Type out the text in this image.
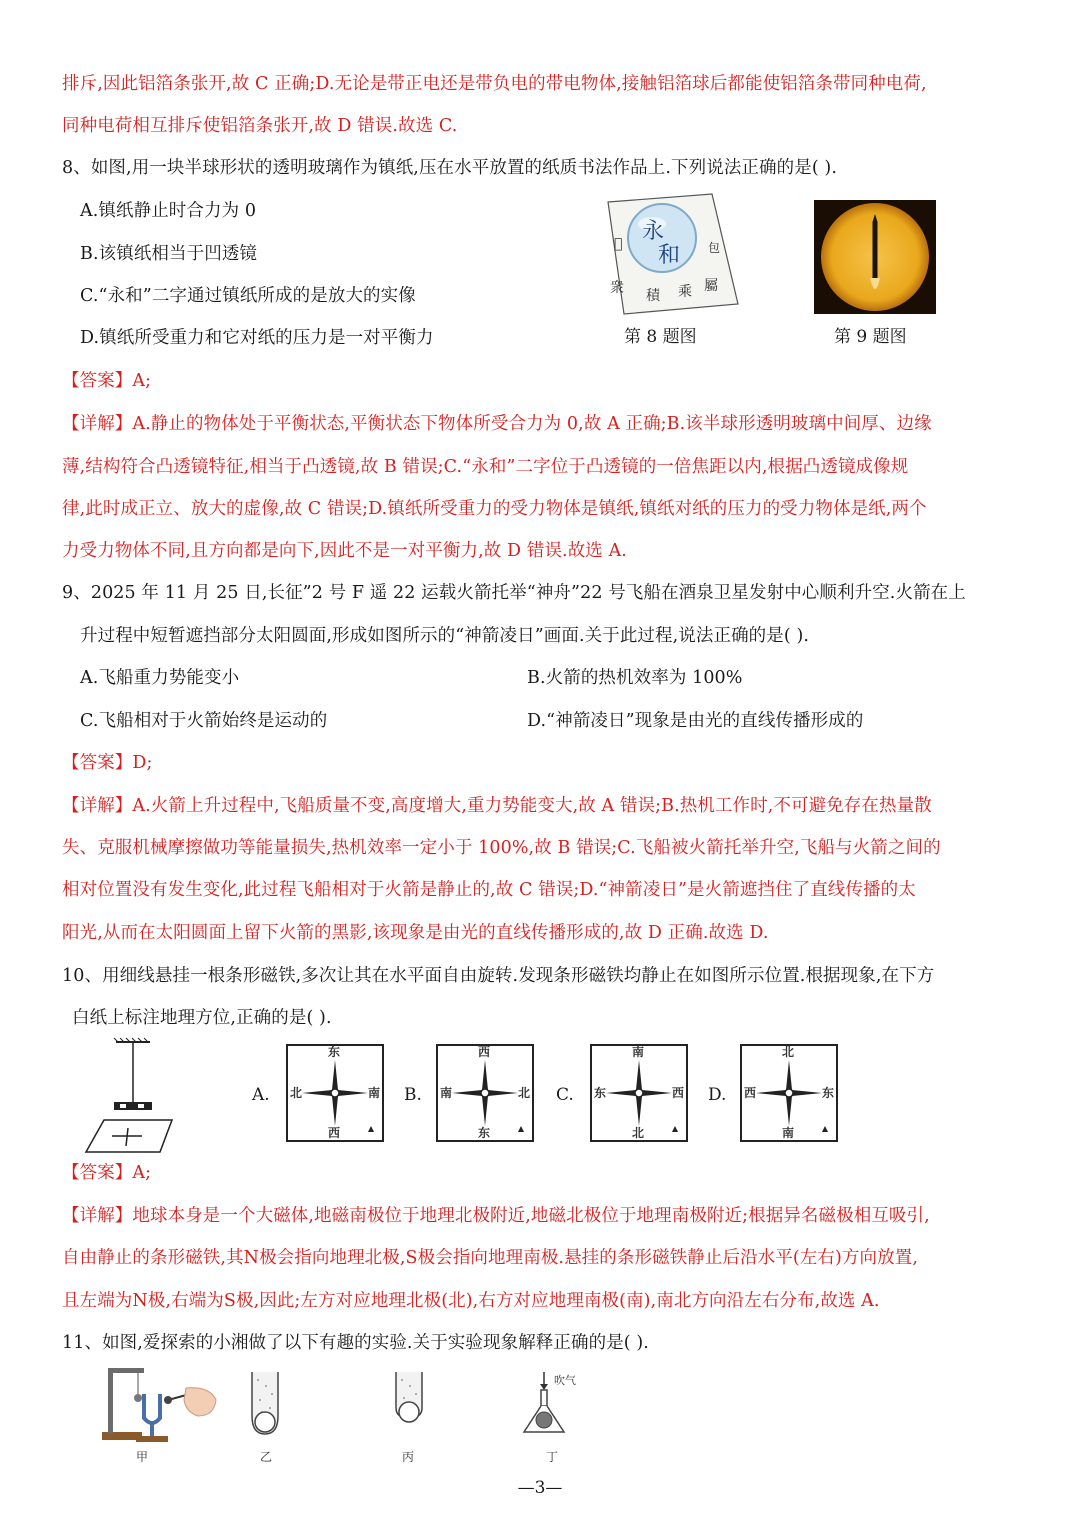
排斥,因此铝箔条张开,故 C 正确;D.无论是带正电还是带负电的带电物体,接触铝箔球后都能使铝箔条带同种电荷,
同种电荷相互排斥使铝箔条张开,故 D 错误.故选 C.
8、如图,用一块半球形状的透明玻璃作为镇纸,压在水平放置的纸质书法作品上.下列说法正确的是( ).
A.镇纸静止时合力为 0
B.该镇纸相当于凹透镜
C.“永和”二字通过镇纸所成的是放大的实像
D.镇纸所受重力和它对纸的压力是一对平衡力
𠄀
衆 積 乘 屬
包
永
和
第 8 题图	第 9 题图
【答案】A;
【详解】A.静止的物体处于平衡状态,平衡状态下物体所受合力为 0,故 A 正确;B.该半球形透明玻璃中间厚、边缘
薄,结构符合凸透镜特征,相当于凸透镜,故 B 错误;C.“永和”二字位于凸透镜的一倍焦距以内,根据凸透镜成像规
律,此时成正立、放大的虚像,故 C 错误;D.镇纸所受重力的受力物体是镇纸,镇纸对纸的压力的受力物体是纸,两个
力受力物体不同,且方向都是向下,因此不是一对平衡力,故 D 错误.故选 A.
9、2025 年 11 月 25 日,长征”2 号 F 遥 22 运载火箭托举“神舟”22 号飞船在酒泉卫星发射中心顺利升空.火箭在上
升过程中短暂遮挡部分太阳圆面,形成如图所示的“神箭凌日”画面.关于此过程,说法正确的是( ).
A.飞船重力势能变小	B.火箭的热机效率为 100%
C.飞船相对于火箭始终是运动的	D.“神箭凌日”现象是由光的直线传播形成的
【答案】D;
【详解】A.火箭上升过程中,飞船质量不变,高度增大,重力势能变大,故 A 错误;B.热机工作时,不可避免存在热量散
失、克服机械摩擦做功等能量损失,热机效率一定小于 100%,故 B 错误;C.飞船被火箭托举升空,飞船与火箭之间的
相对位置没有发生变化,此过程飞船相对于火箭是静止的,故 C 错误;D.“神箭凌日”是火箭遮挡住了直线传播的太
阳光,从而在太阳圆面上留下火箭的黑影,该现象是由光的直线传播形成的,故 D 正确.故选 D.
10、用细线悬挂一根条形磁铁,多次让其在水平面自由旋转.发现条形磁铁均静止在如图所示位置.根据现象,在下方
白纸上标注地理方位,正确的是( ).
A.
东
北	南
西
B.
西
南	北
东
C.
南
东	西
北
D.
北
西	东
南
【答案】A;
【详解】地球本身是一个大磁体,地磁南极位于地理北极附近,地磁北极位于地理南极附近;根据异名磁极相互吸引,
自由静止的条形磁铁,其N极会指向地理北极,S极会指向地理南极.悬挂的条形磁铁静止后沿水平(左右)方向放置,
且左端为N极,右端为S极,因此;左方对应地理北极(北),右方对应地理南极(南),南北方向沿左右分布,故选 A.
11、如图,爱探索的小湘做了以下有趣的实验.关于实验现象解释正确的是( ).
甲	乙	丙
吹气
丁
—3—
